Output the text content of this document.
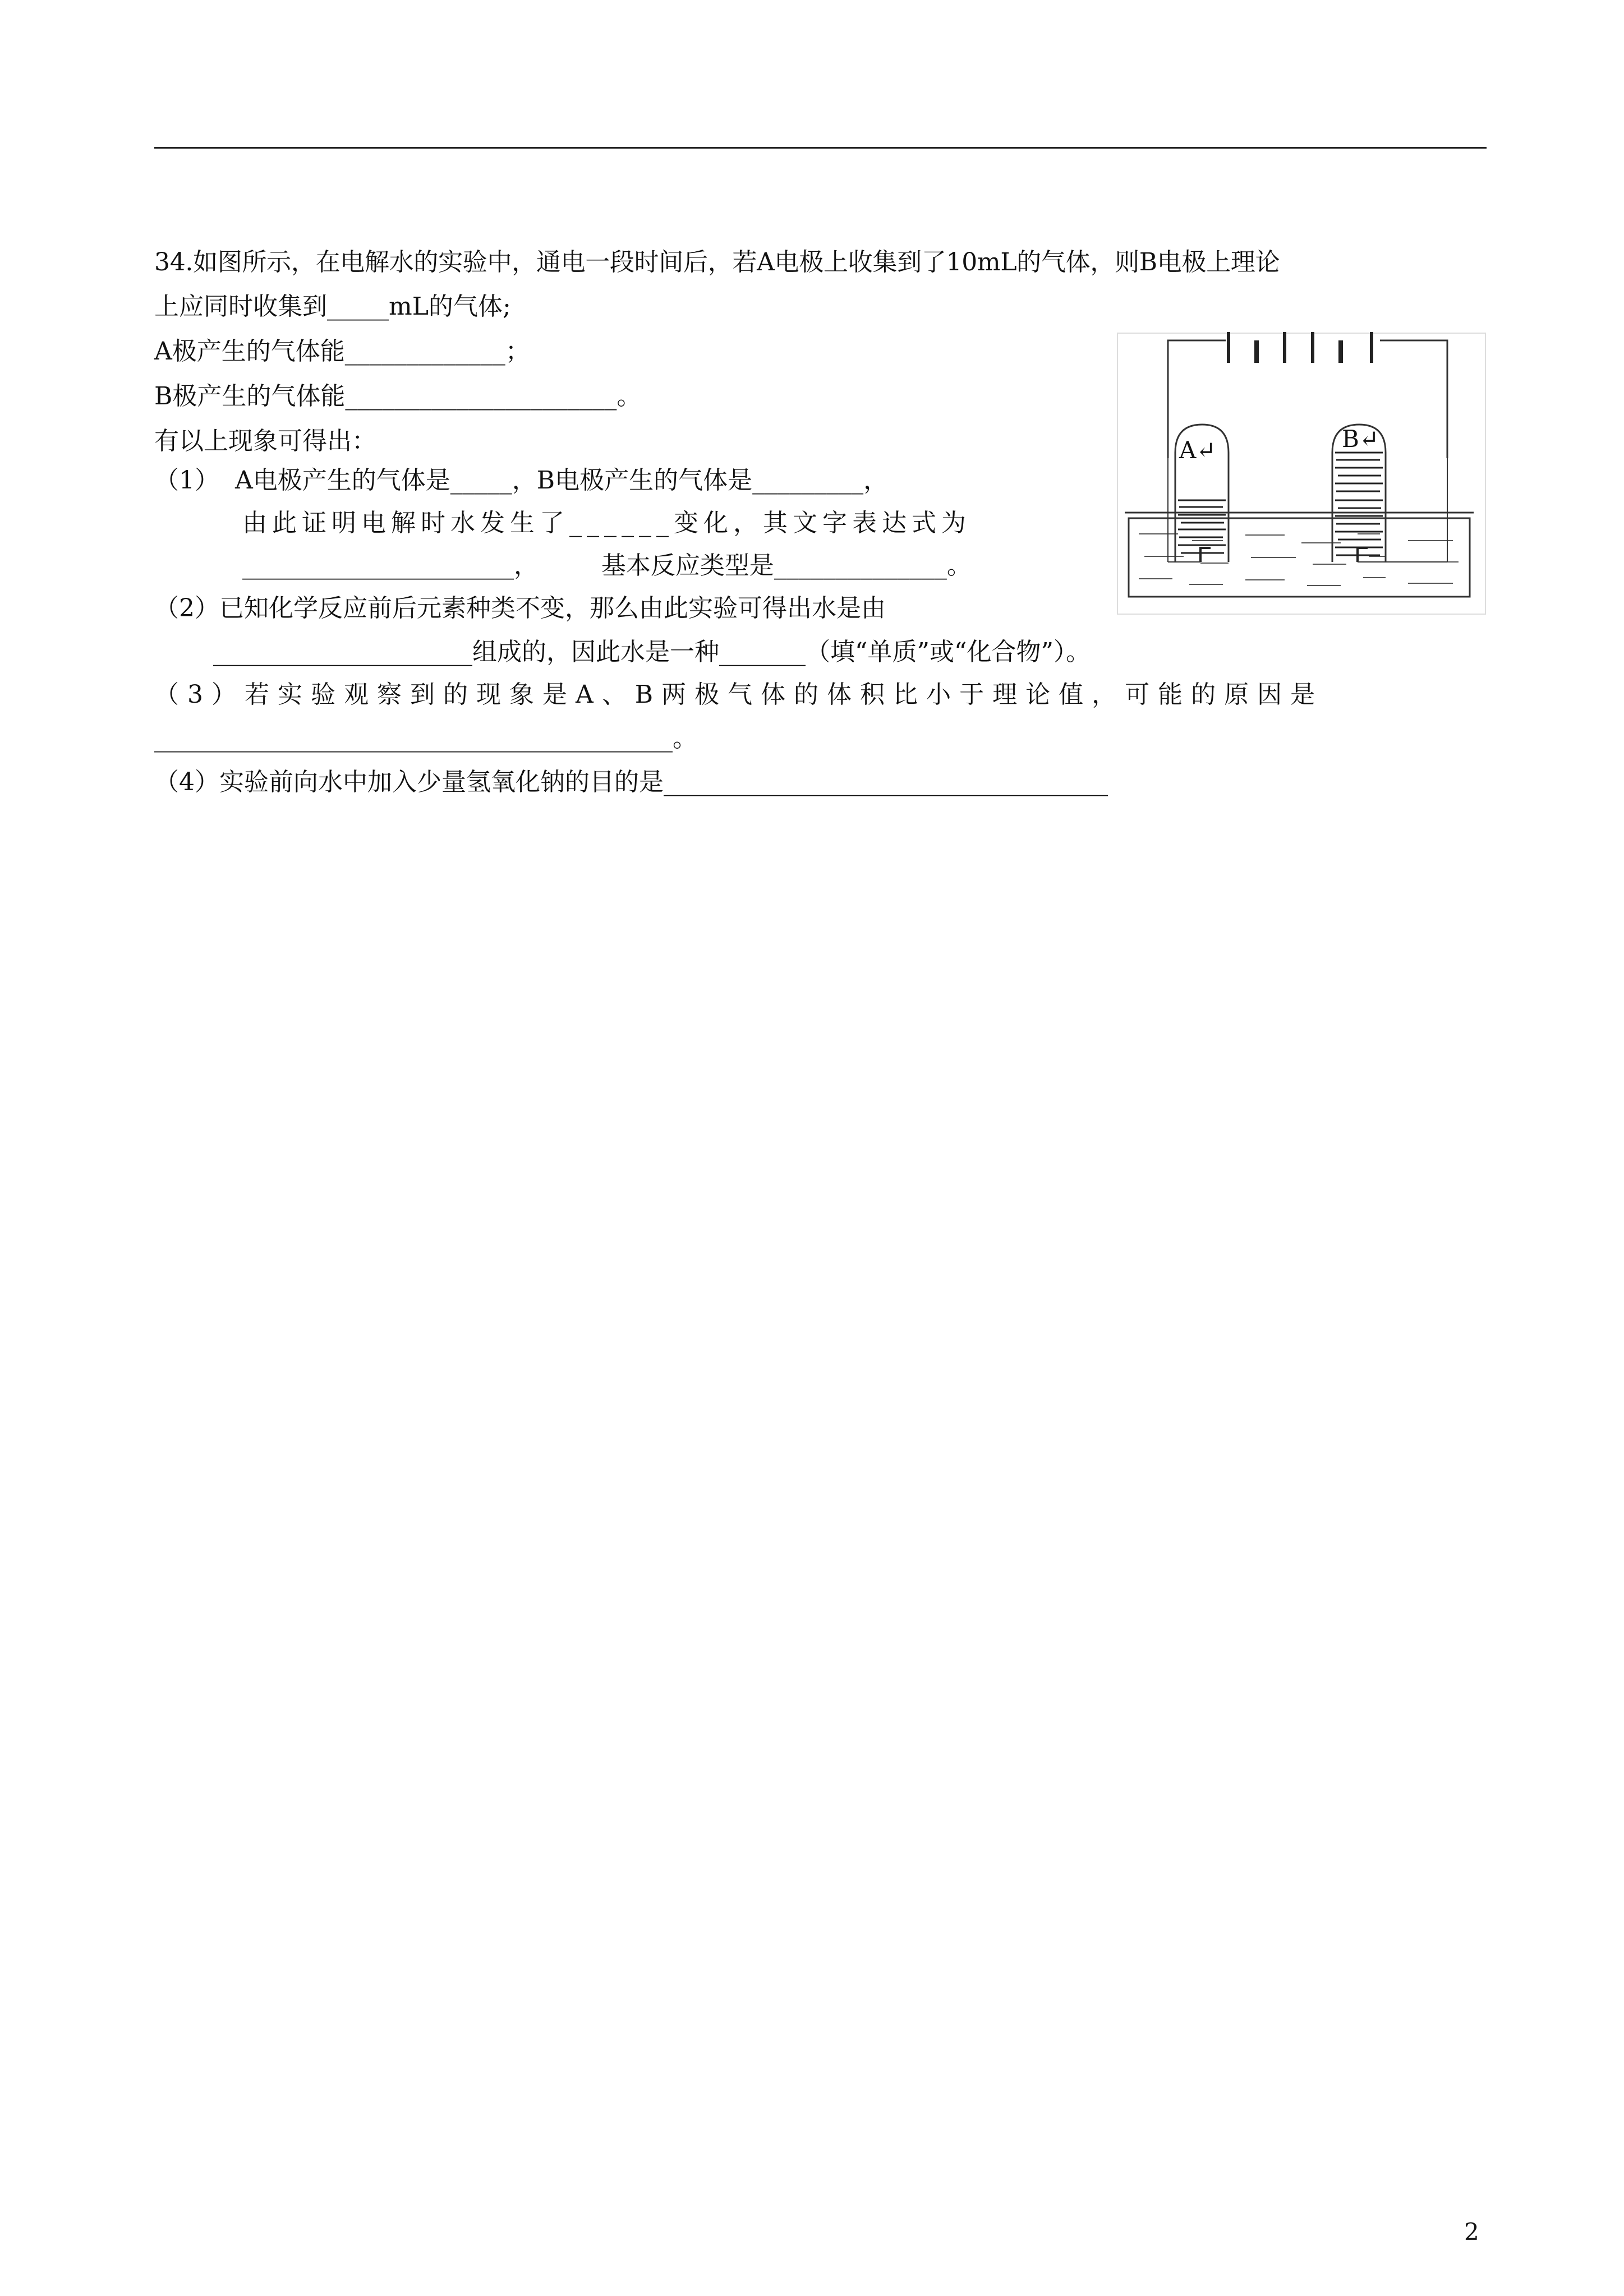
34.如图所示，在电解水的实验中，通电一段时间后，若A电极上收集到了10mL的气体，则B电极上理论
上应同时收集到_____mL的气体;
A极产生的气体能_____________；
B极产生的气体能______________________。
有以上现象可得出：
（1）  A电极产生的气体是_____，B电极产生的气体是_________，
由此证明电解时水发生了______变化，其文字表达式为
______________________，        基本反应类型是______________。
（2）已知化学反应前后元素种类不变，那么由此实验可得出水是由
_____________________组成的，因此水是一种_______（填“单质”或“化合物”）。
（3）若实验观察到的现象是A、B两极气体的体积比小于理论值，可能的原因是
__________________________________________。
（4）实验前向水中加入少量氢氧化钠的目的是____________________________________
A↵	B↵
2
